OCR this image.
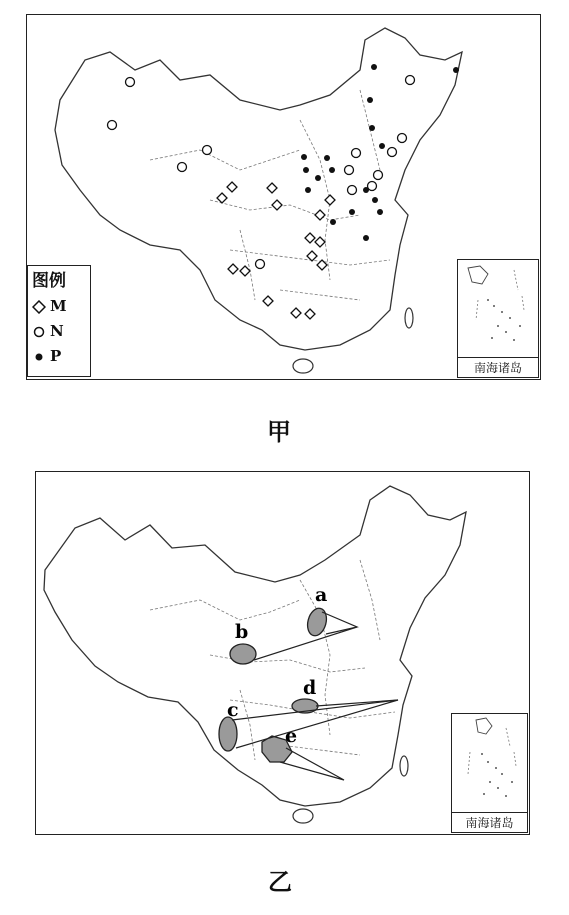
图例
M
N
P
南海诸岛
甲
a
b
c
d
e
南海诸岛
乙
